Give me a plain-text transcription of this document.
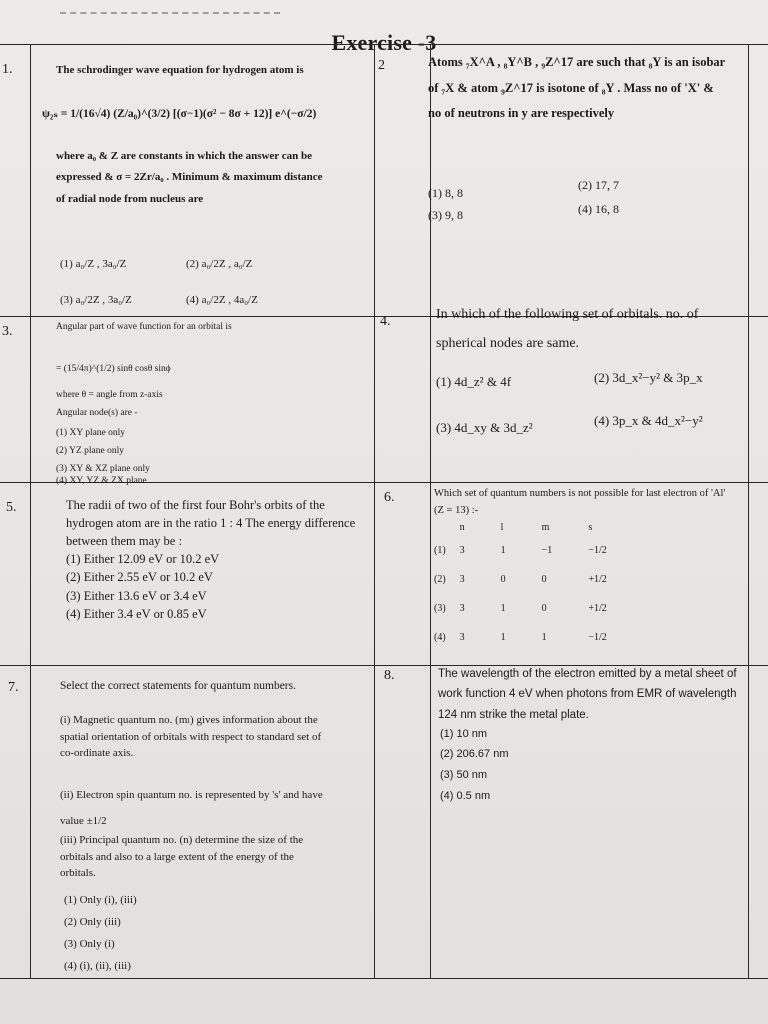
Exercise -3
1.	The schrodinger wave equation for hydrogen atom is
ψ₂ₛ = 1/(16√4) (Z/a₀)^(3/2) [(σ−1)(σ² − 8σ + 12)] e^(−σ/2)
where a₀ & Z are constants in which the answer can be expressed & σ = 2Zr/a₀ . Minimum & maximum distance of radial node from nucleus are
(1) a₀/Z , 3a₀/Z	(2) a₀/2Z , a₀/Z
(3) a₀/2Z , 3a₀/Z	(4) a₀/2Z , 4a₀/Z
2	Atoms ₇X^A , ₈Y^B , ₉Z^17 are such that ₈Y is an isobar of ₇X & atom ₉Z^17 is isotone of ₈Y . Mass no of 'X' & no of neutrons in y are respectively
(1) 8, 8
(2) 17, 7
(3) 9, 8	(4) 16, 8
3.	Angular part of wave function for an orbital is
= (15/4π)^(1/2) sinθ cosθ sinϕ
where θ = angle from z-axis
Angular node(s) are -
(1) XY plane only
(2) YZ plane only
(3) XY & XZ plane only
(4) XY, YZ & ZX plane
4.	In which of the following set of orbitals. no. of spherical nodes are same.
(1) 4d_z² & 4f	(2) 3d_x²−y² & 3p_x
(3) 4d_xy & 3d_z²	(4) 3p_x & 4d_x²−y²
5.	The radii of two of the first four Bohr's orbits of the hydrogen atom are in the ratio 1 : 4 The energy difference between them may be :
(1) Either 12.09 eV or 10.2 eV
(2) Either 2.55 eV or 10.2 eV
(3) Either 13.6 eV or 3.4 eV
(4) Either 3.4 eV or 0.85 eV
6.	Which set of quantum numbers is not possible for last electron of 'Al' (Z = 13) :-
	n	l	m	s
(1)	3	1	−1	−1/2
(2)	3	0	0	+1/2
(3)	3	1	0	+1/2
(4)	3	1	1	−1/2
7.	Select the correct statements for quantum numbers.
(i) Magnetic quantum no. (mₗ) gives information about the spatial orientation of orbitals with respect to standard set of co-ordinate axis.
(ii) Electron spin quantum no. is represented by 's' and have value ±1/2
(iii) Principal quantum no. (n) determine the size of the orbitals and also to a large extent of the energy of the orbitals.
(1) Only (i), (iii)
(2) Only (iii)
(3) Only (i)
(4) (i), (ii), (iii)
8.	The wavelength of the electron emitted by a metal sheet of work function 4 eV when photons from EMR of wavelength 124 nm strike the metal plate.
(1) 10 nm
(2) 206.67 nm
(3) 50 nm
(4) 0.5 nm
